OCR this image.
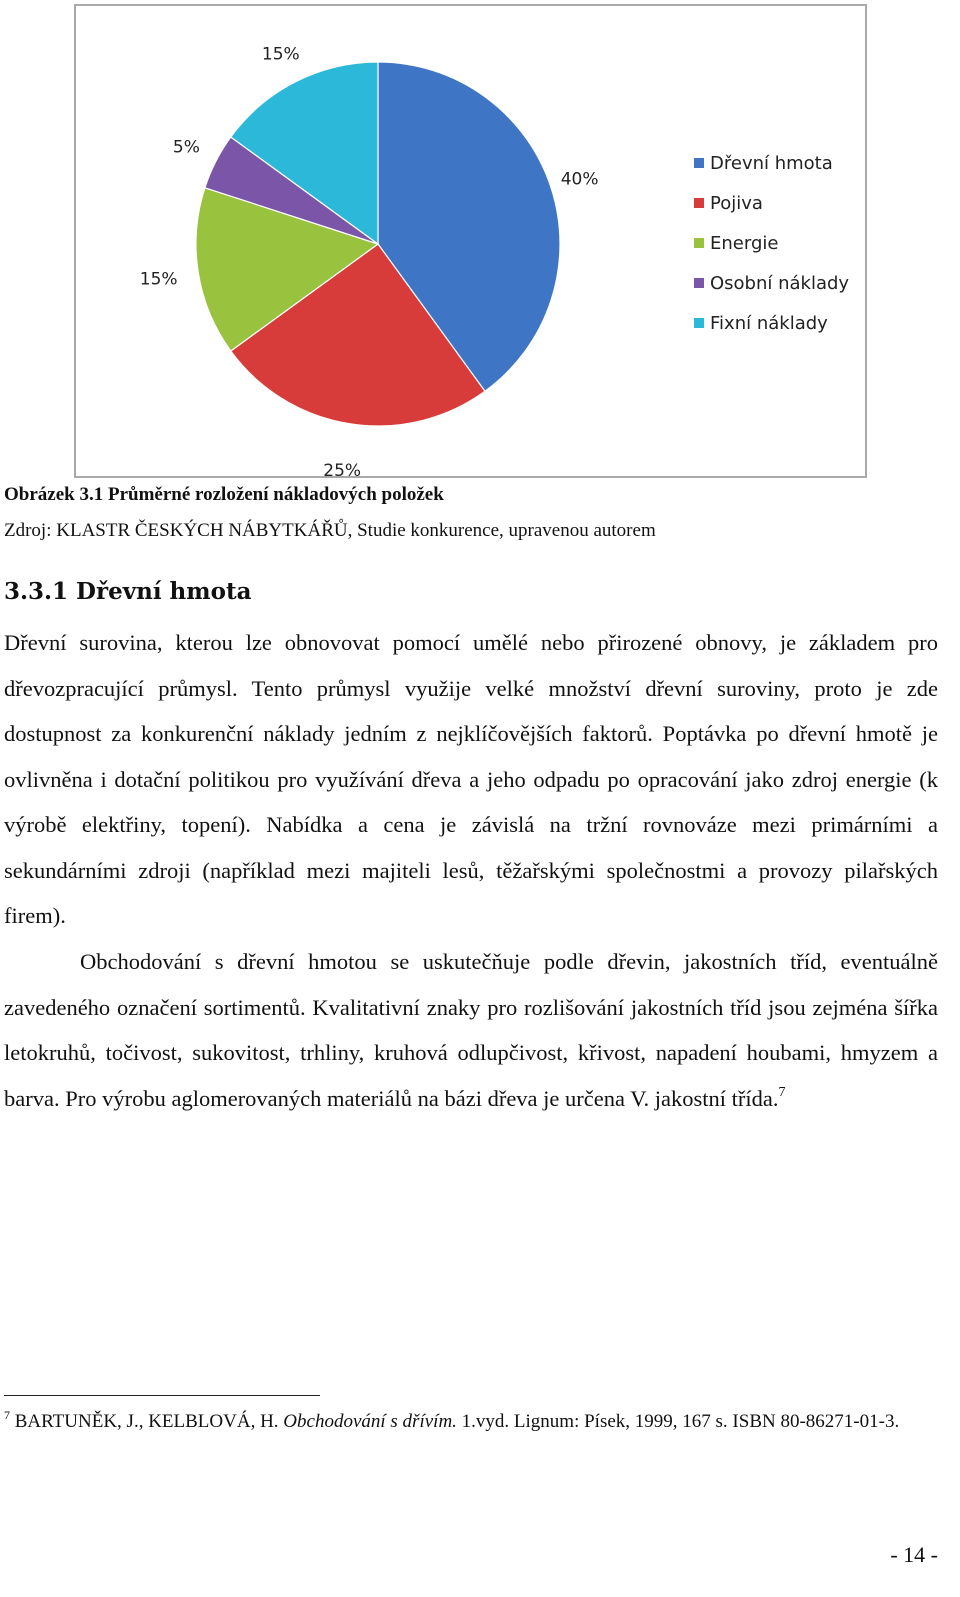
40%
25%
15%
5%
15%
Dřevní hmota
Pojiva
Energie
Osobní náklady
Fixní náklady
Obrázek 3.1 Průměrné rozložení nákladových položek
Zdroj: KLASTR ČESKÝCH NÁBYTKÁŘŮ, Studie konkurence, upravenou autorem
3.3.1 Dřevní hmota

Dřevní surovina, kterou lze obnovovat pomocí umělé nebo přirozené obnovy, je základem pro dřevozpracující průmysl. Tento průmysl využije velké množství dřevní suroviny, proto je zde dostupnost za konkurenční náklady jedním z nejklíčovějších faktorů. Poptávka po dřevní hmotě je ovlivněna i dotační politikou pro využívání dřeva a jeho odpadu po opracování jako zdroj energie (k výrobě elektřiny, topení). Nabídka a cena je závislá na tržní rovnováze mezi primárními a sekundárními zdroji (například mezi majiteli lesů, těžařskými společnostmi a provozy pilařských firem).

Obchodování s dřevní hmotou se uskutečňuje podle dřevin, jakostních tříd, eventuálně zavedeného označení sortimentů. Kvalitativní znaky pro rozlišování jakostních tříd jsou zejména šířka letokruhů, točivost, sukovitost, trhliny, kruhová odlupčivost, křivost, napadení houbami, hmyzem a barva. Pro výrobu aglomerovaných materiálů na bázi dřeva je určena V. jakostní třída.$^7$

$^7$ BARTUNĚK, J., KELBLOVÁ, H. Obchodování s dřívím. 1.vyd. Lignum: Písek, 1999, 167 s. ISBN 80-86271-01-3.

- 14 -
